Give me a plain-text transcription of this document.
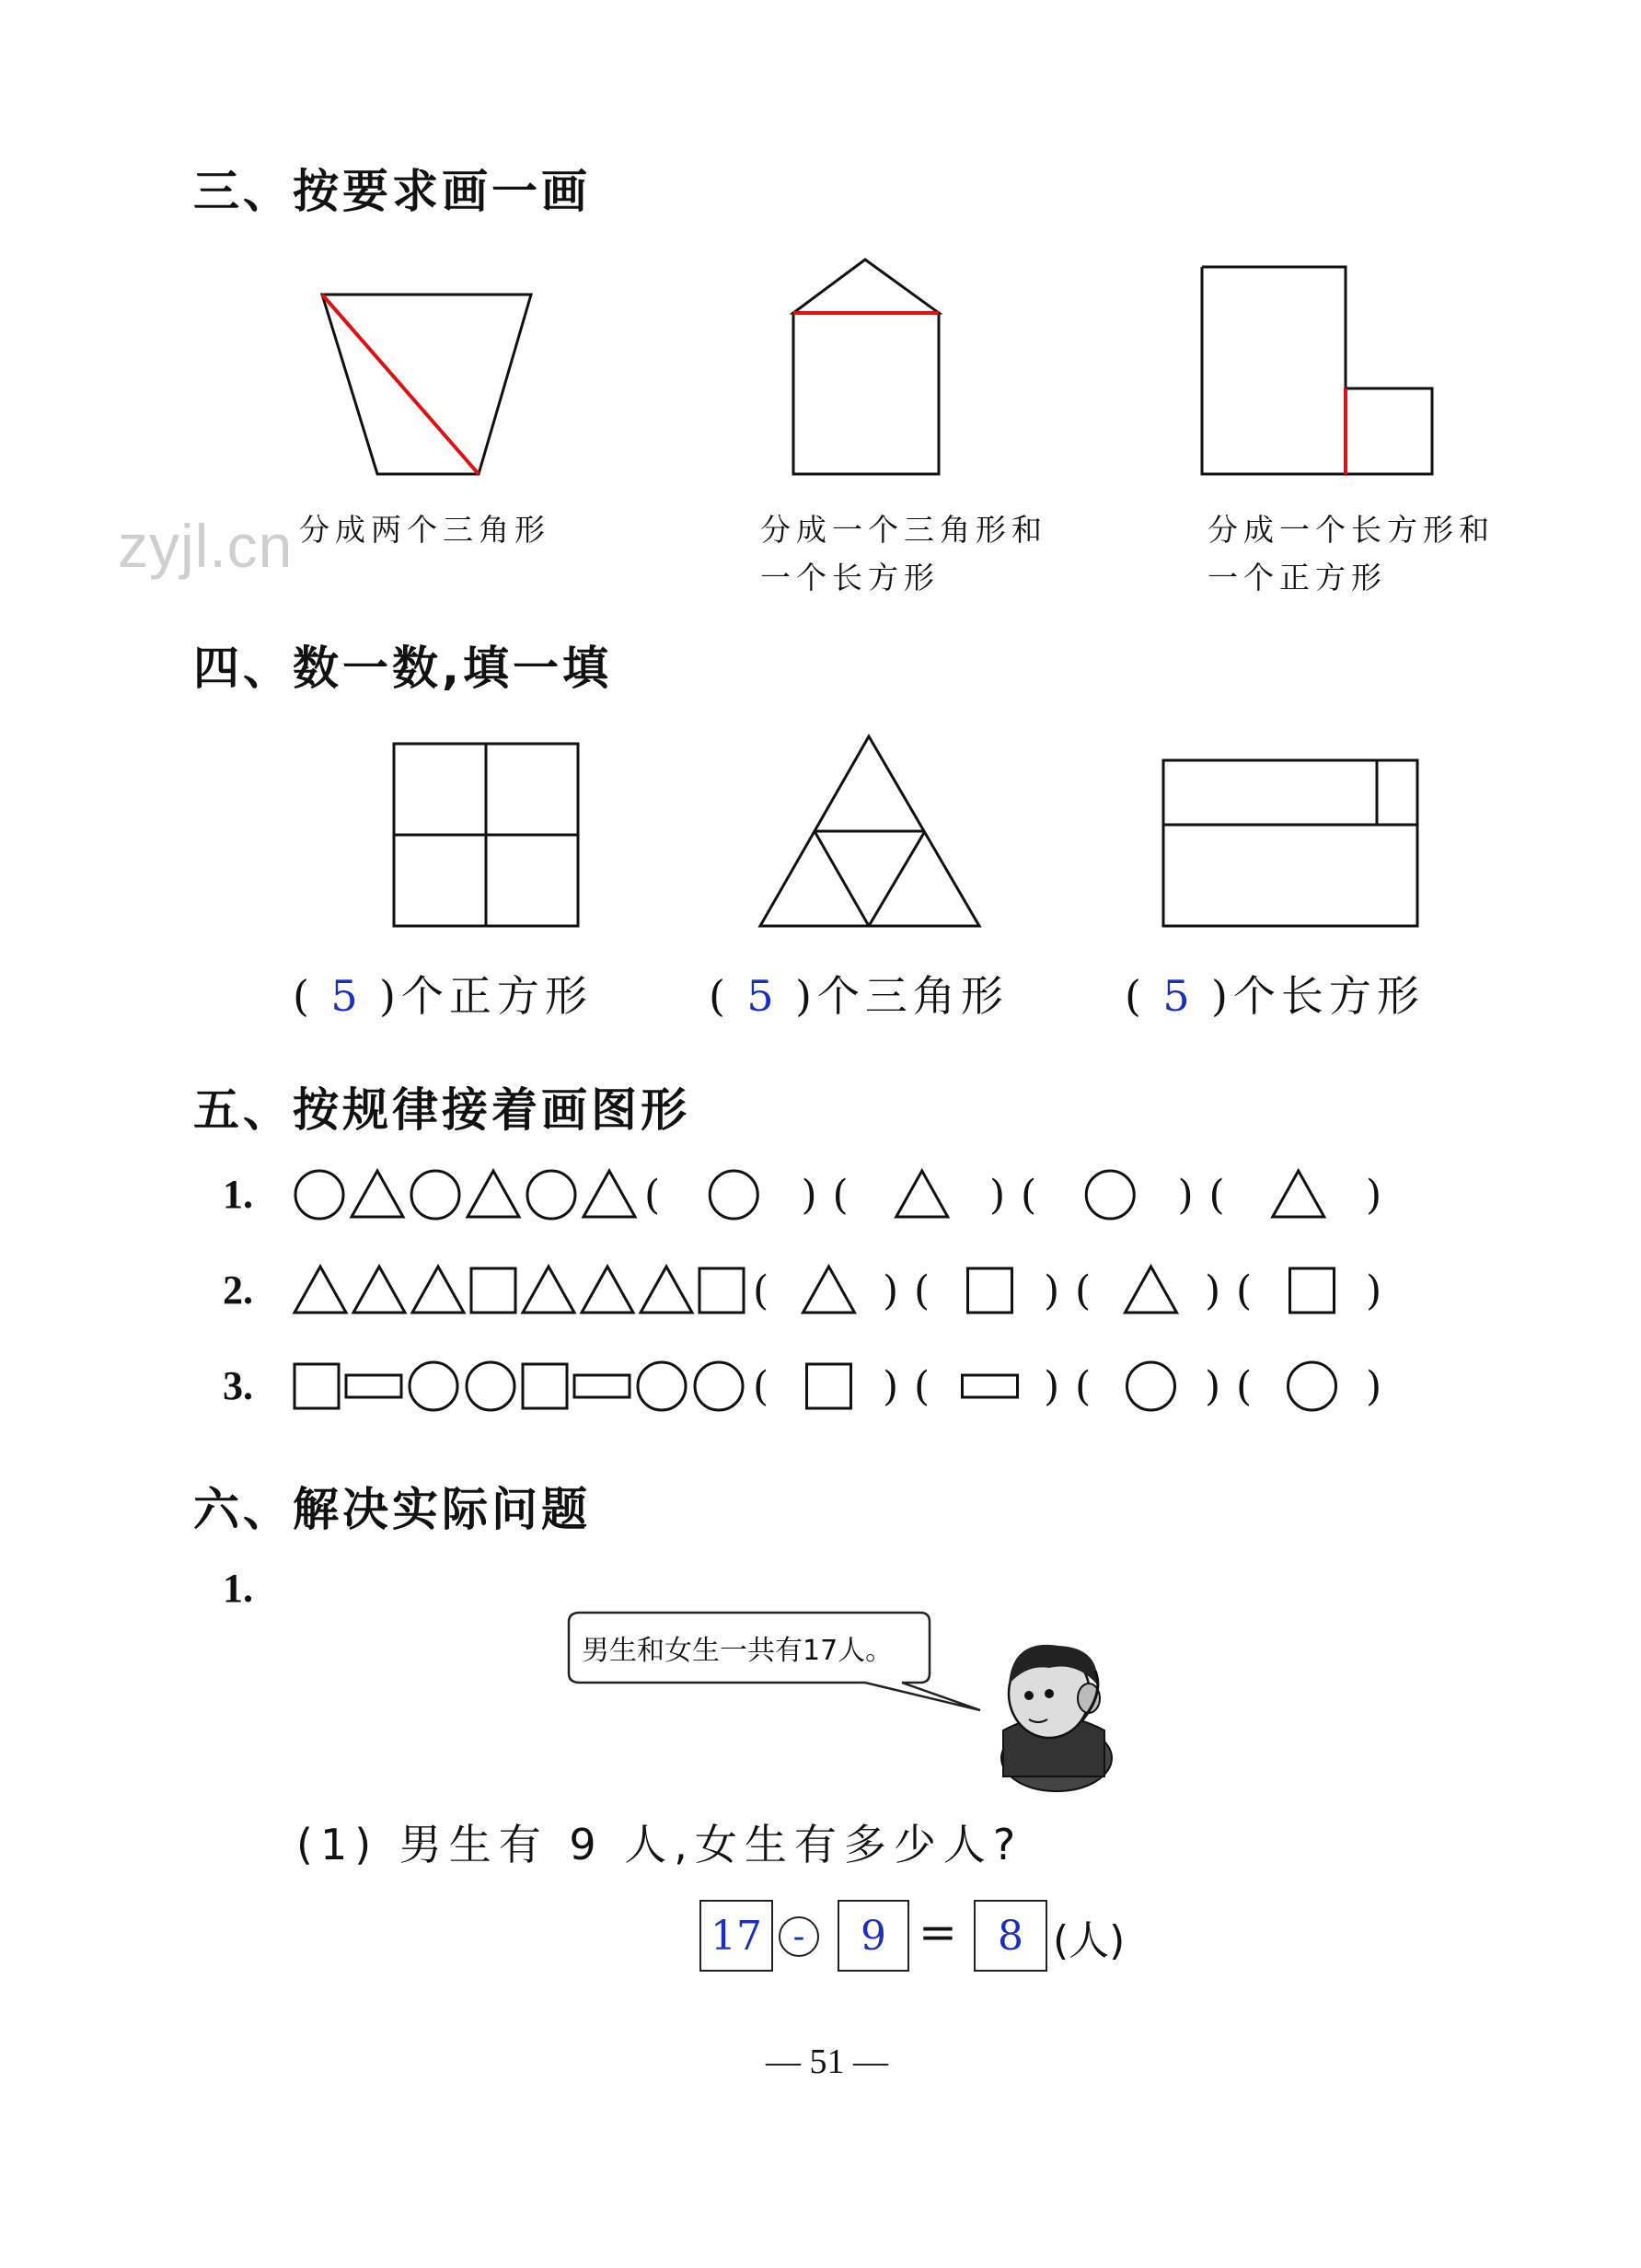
zyjl.cn
三、按要求画一画
分成两个三角形	分成一个三角形和
一个长方形
分成一个长方形和
一个正方形
四、数一数,填一填
( 5 )个正方形	( 5 )个三角形	( 5 )个长方形
五、按规律接着画图形
1.
2.
3.
(	) (	) (	) (	)
(	) (	) (	) (	)
(	) (	) (	) (	)
六、解决实际问题
1.
男生和女生一共有17人。
(1) 男生有 9 人,女生有多少人?
17 -	9 =	8 (人)
— 51 —
